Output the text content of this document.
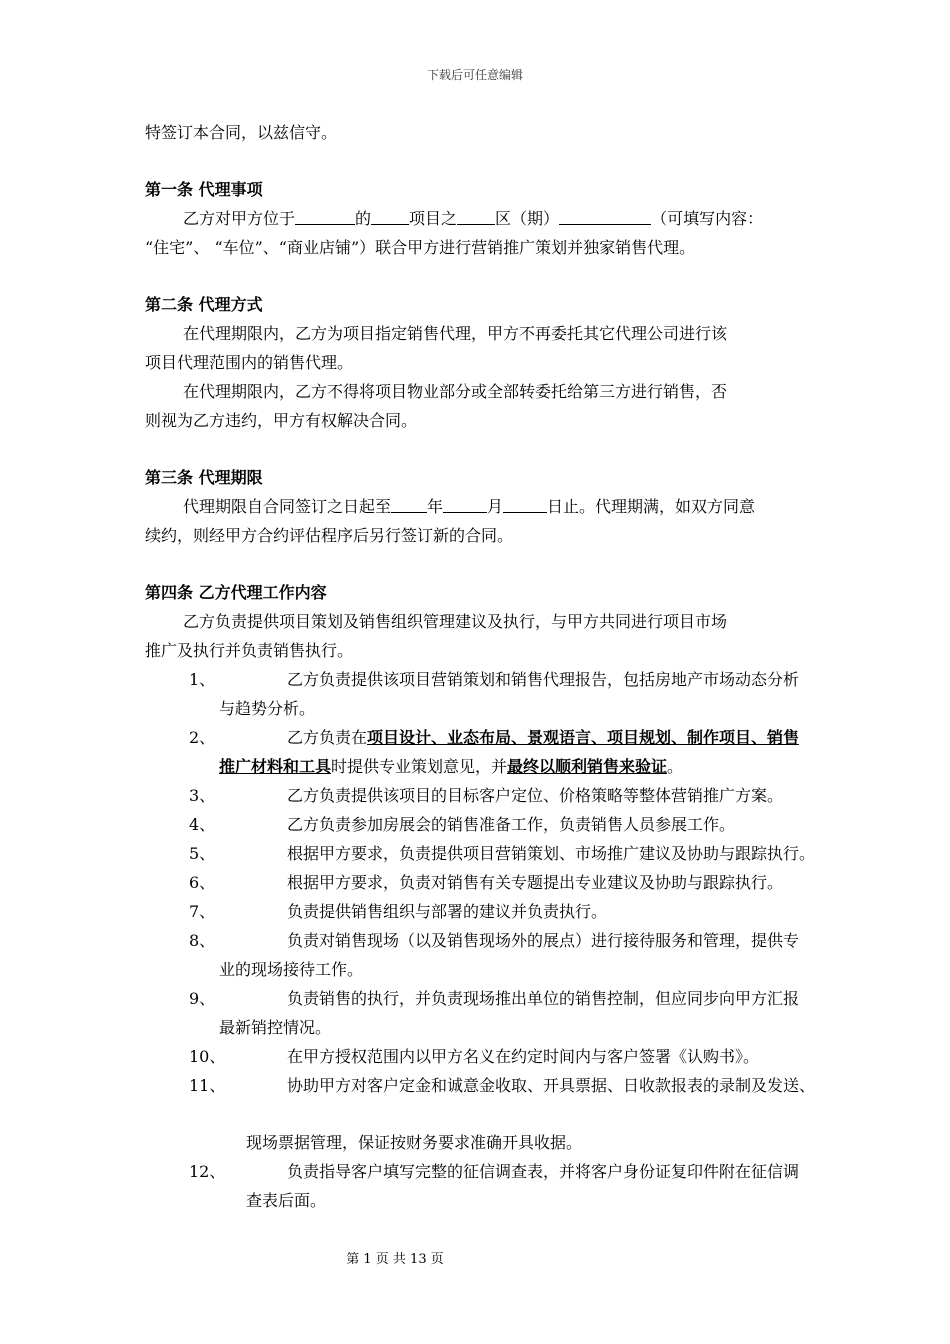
下载后可任意编辑

特签订本合同，以兹信守。

第一条 代理事项

乙方对甲方位于	的 项目之 区（期）	（可填写内容：

“住宅”、 “车位”、“商业店铺”）联合甲方进行营销推广策划并独家销售代理。

第二条 代理方式

在代理期限内，乙方为项目指定销售代理，甲方不再委托其它代理公司进行该

项目代理范围内的销售代理。

在代理期限内，乙方不得将项目物业部分或全部转委托给第三方进行销售，否

则视为乙方违约，甲方有权解决合同。

第三条 代理期限

代理期限自合同签订之日起至 年	月	日止。代理期满，如双方同意

续约，则经甲方合约评估程序后另行签订新的合同。

第四条 乙方代理工作内容

乙方负责提供项目策划及销售组织管理建议及执行，与甲方共同进行项目市场

推广及执行并负责销售执行。

1、	乙方负责提供该项目营销策划和销售代理报告，包括房地产市场动态分析

与趋势分析。

2、	乙方负责在项目设计、业态布局、景观语言、项目规划、制作项目、销售

推广材料和工具时提供专业策划意见，并最终以顺利销售来验证。

3、	乙方负责提供该项目的目标客户定位、价格策略等整体营销推广方案。

4、	乙方负责参加房展会的销售准备工作，负责销售人员参展工作。

5、	根据甲方要求，负责提供项目营销策划、市场推广建议及协助与跟踪执行。

6、	根据甲方要求，负责对销售有关专题提出专业建议及协助与跟踪执行。

7、	负责提供销售组织与部署的建议并负责执行。

8、	负责对销售现场（以及销售现场外的展点）进行接待服务和管理，提供专

业的现场接待工作。

9、	负责销售的执行，并负责现场推出单位的销售控制，但应同步向甲方汇报

最新销控情况。

10、	在甲方授权范围内以甲方名义在约定时间内与客户签署《认购书》。

11、	协助甲方对客户定金和诚意金收取、开具票据、日收款报表的录制及发送、

现场票据管理，保证按财务要求准确开具收据。

12、	负责指导客户填写完整的征信调查表，并将客户身份证复印件附在征信调

查表后面。

第 1 页 共 13 页
